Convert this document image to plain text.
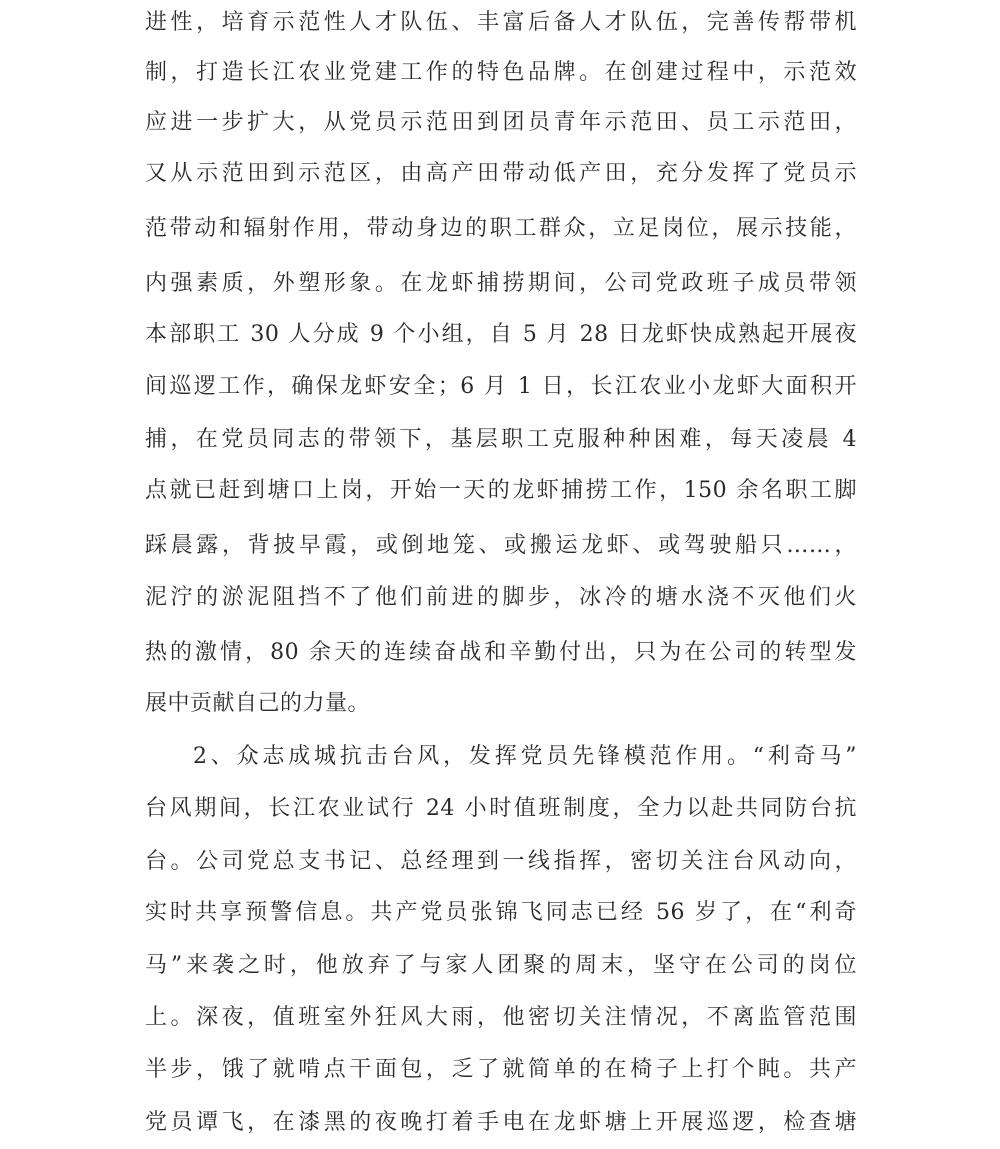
进性，培育示范性人才队伍、丰富后备人才队伍，完善传帮带机
制，打造长江农业党建工作的特色品牌。在创建过程中，示范效
应进一步扩大，从党员示范田到团员青年示范田、员工示范田，
又从示范田到示范区，由高产田带动低产田，充分发挥了党员示
范带动和辐射作用，带动身边的职工群众，立足岗位，展示技能，
内强素质，外塑形象。在龙虾捕捞期间，公司党政班子成员带领
本部职工 30 人分成 9 个小组，自 5 月 28 日龙虾快成熟起开展夜
间巡逻工作，确保龙虾安全；6 月 1 日，长江农业小龙虾大面积开
捕，在党员同志的带领下，基层职工克服种种困难，每天凌晨 4
点就已赶到塘口上岗，开始一天的龙虾捕捞工作，150 余名职工脚
踩晨露，背披早霞，或倒地笼、或搬运龙虾、或驾驶船只……，
泥泞的淤泥阻挡不了他们前进的脚步，冰冷的塘水浇不灭他们火
热的激情，80 余天的连续奋战和辛勤付出，只为在公司的转型发
展中贡献自己的力量。
2、众志成城抗击台风，发挥党员先锋模范作用。“利奇马”
台风期间，长江农业试行 24 小时值班制度，全力以赴共同防台抗
台。公司党总支书记、总经理到一线指挥，密切关注台风动向，
实时共享预警信息。共产党员张锦飞同志已经 56 岁了，在“利奇
马”来袭之时，他放弃了与家人团聚的周末，坚守在公司的岗位
上。深夜，值班室外狂风大雨，他密切关注情况，不离监管范围
半步，饿了就啃点干面包，乏了就简单的在椅子上打个盹。共产
党员谭飞，在漆黑的夜晚打着手电在龙虾塘上开展巡逻，检查塘
